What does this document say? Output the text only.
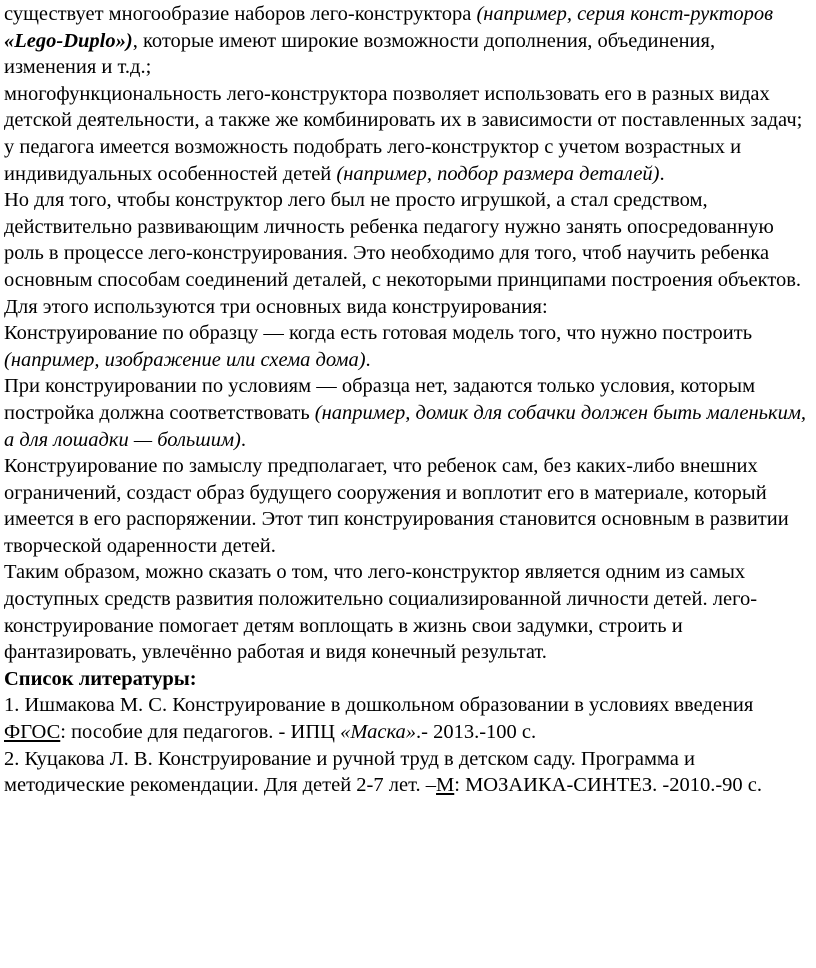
существует многообразие наборов лего-конструктора (например, серия конст-рукторов «Lego-Duplo»), которые имеют широкие возможности дополнения, объединения, изменения и т.д.;

многофункциональность лего-конструктора позволяет использовать его в разных видах детской деятельности, а также же комбинировать их в зависимости от поставленных задач;

у педагога имеется возможность подобрать лего-конструктор с учетом возрастных и индивидуальных особенностей детей (например, подбор размера деталей).

Но для того, чтобы конструктор лего был не просто игрушкой, а стал средством, действительно развивающим личность ребенка педагогу нужно занять опосредованную роль в процессе лего-конструирования. Это необходимо для того, чтоб научить ребенка основным способам соединений деталей, с некоторыми принципами построения объектов. Для этого используются три основных вида конструирования:

Конструирование по образцу — когда есть готовая модель того, что нужно построить (например, изображение или схема дома).

При конструировании по условиям — образца нет, задаются только условия, которым постройка должна соответствовать (например, домик для собачки должен быть маленьким, а для лошадки — большим).

Конструирование по замыслу предполагает, что ребенок сам, без каких-либо внешних ограничений, создаст образ будущего сооружения и воплотит его в материале, который имеется в его распоряжении. Этот тип конструирования становится основным в развитии творческой одаренности детей.

Таким образом, можно сказать о том, что лего-конструктор является одним из самых доступных средств развития положительно социализированной личности детей. лего-конструирование помогает детям воплощать в жизнь свои задумки, строить и фантазировать, увлечённо работая и видя конечный результат.

Список литературы:

1. Ишмакова М. С. Конструирование в дошкольном образовании в условиях введения ФГОС: пособие для педагогов. - ИПЦ «Маска».- 2013.-100 с.

2. Куцакова Л. В. Конструирование и ручной труд в детском саду. Программа и методические рекомендации. Для детей 2-7 лет. –М: МОЗАИКА-СИНТЕЗ. -2010.-90 с.
